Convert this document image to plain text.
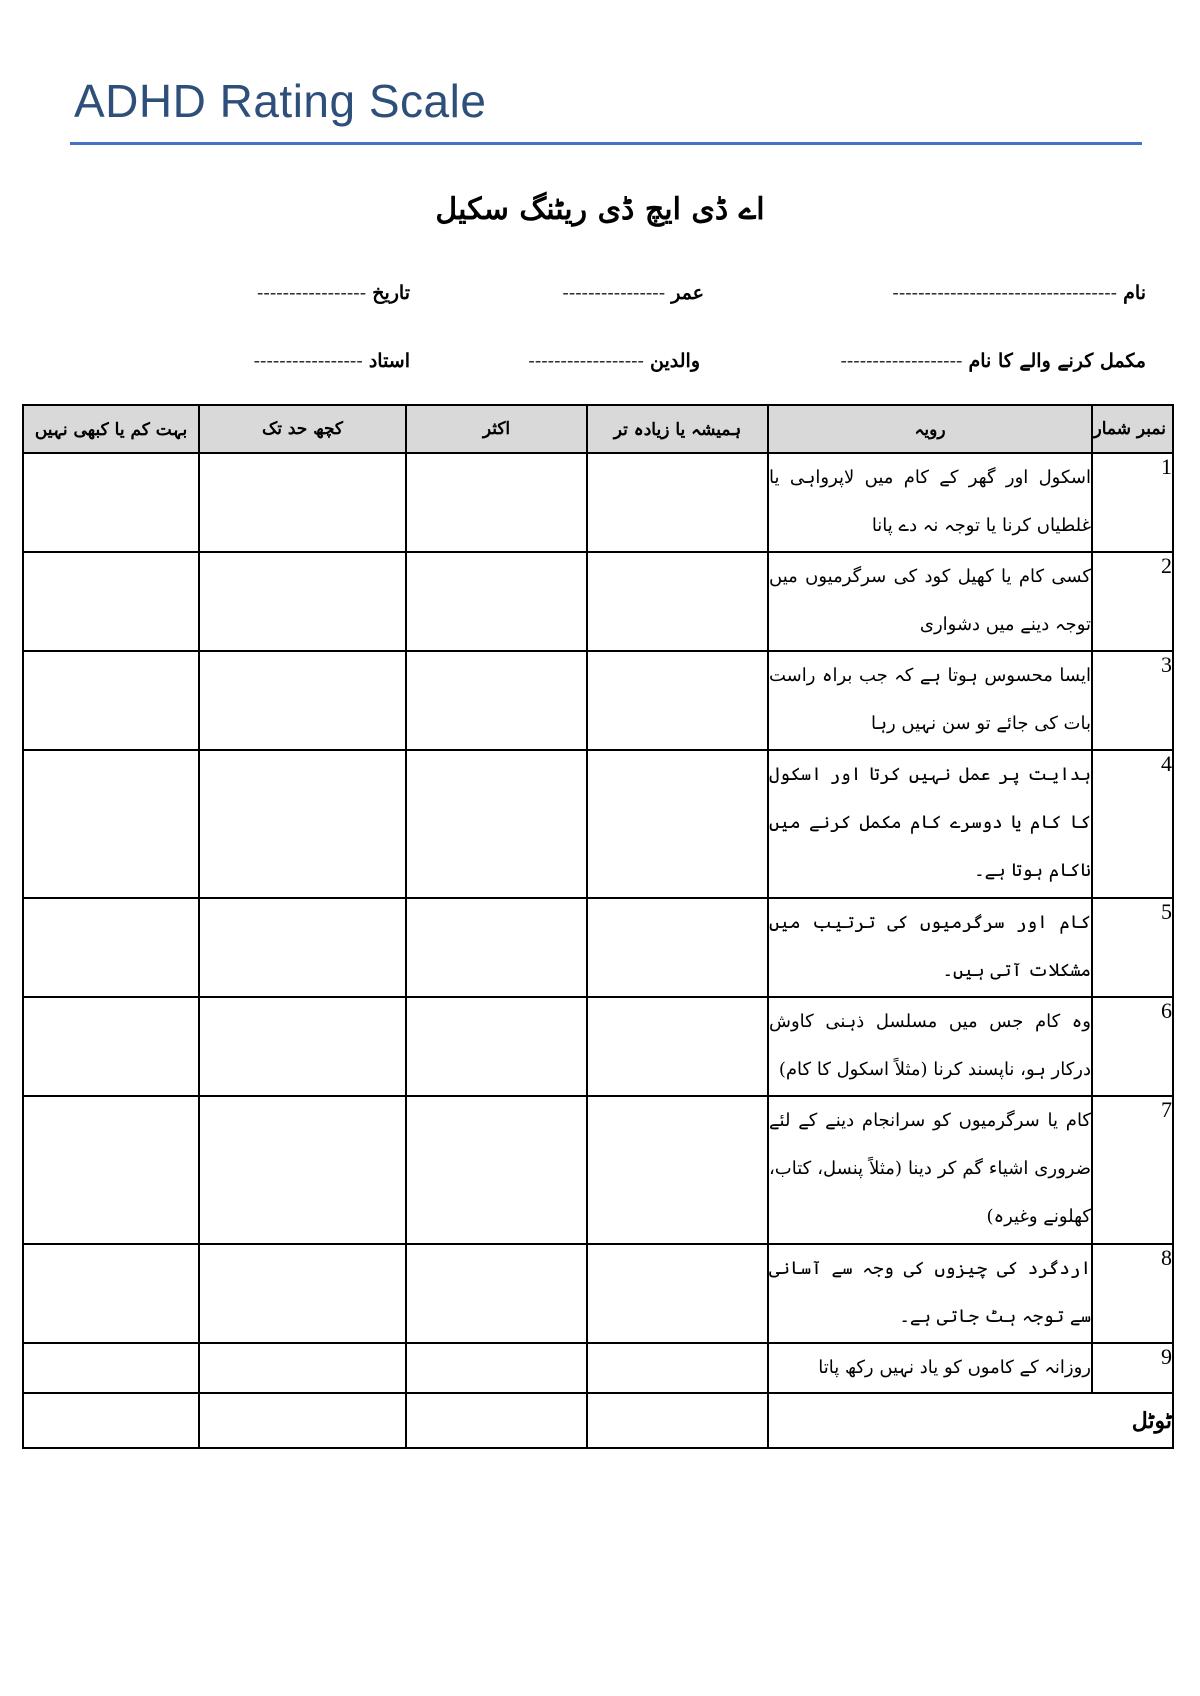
ADHD Rating Scale
اے ڈی ایچ ڈی ریٹنگ سکیل
نام -----------------------------------
عمر ----------------
تاریخ -----------------
مکمل کرنے والے کا نام -------------------
والدین ------------------
استاد -----------------
نمبر شمار	رویہ	ہمیشہ یا زیادہ تر	اکثر	کچھ حد تک	بہت کم یا کبھی نہیں
1	اسکول اور گھر کے کام میں لاپرواہی یا غلطیاں کرنا یا توجہ نہ دے پانا				
2	کسی کام یا کھیل کود کی سرگرمیوں میں توجہ دینے میں دشواری				
3	ایسا محسوس ہوتا ہے کہ جب براہ راست بات کی جائے تو سن نہیں رہا				
4	ہدایت پر عمل نہیں کرتا اور اسکول کا کام یا دوسرے کام مکمل کرنے میں ناکام ہوتا ہے۔				
5	کام اور سرگرمیوں کی ترتیب میں مشکلات آتی ہیں۔				
6	وہ کام جس میں مسلسل ذہنی کاوش درکار ہو، ناپسند کرنا (مثلاً اسکول کا کام)				
7	کام یا سرگرمیوں کو سرانجام دینے کے لئے ضروری اشیاء گم کر دینا (مثلاً پنسل، کتاب، کھلونے وغیرہ)				
8	اردگرد کی چیزوں کی وجہ سے آسانی سے توجہ ہٹ جاتی ہے۔				
9	روزانہ کے کاموں کو یاد نہیں رکھ پاتا				
ٹوٹل					
